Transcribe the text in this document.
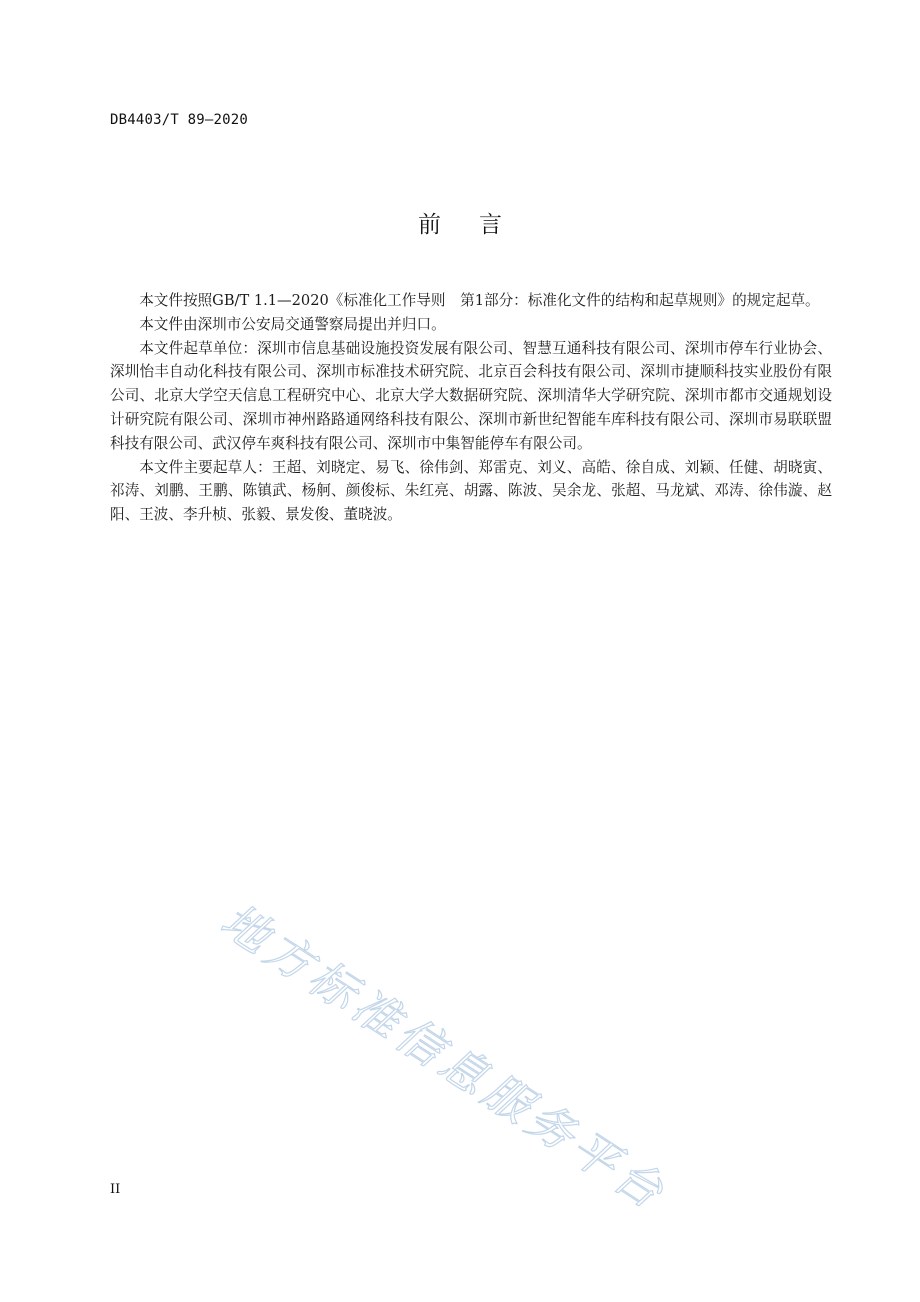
DB4403/T 89—2020
前言

本文件按照GB/T 1.1—2020《标准化工作导则　第1部分：标准化文件的结构和起草规则》的规定起草。

本文件由深圳市公安局交通警察局提出并归口。

本文件起草单位：深圳市信息基础设施投资发展有限公司、智慧互通科技有限公司、深圳市停车行业协会、深圳怡丰自动化科技有限公司、深圳市标准技术研究院、北京百会科技有限公司、深圳市捷顺科技实业股份有限公司、北京大学空天信息工程研究中心、北京大学大数据研究院、深圳清华大学研究院、深圳市都市交通规划设计研究院有限公司、深圳市神州路路通网络科技有限公、深圳市新世纪智能车库科技有限公司、深圳市易联联盟科技有限公司、武汉停车爽科技有限公司、深圳市中集智能停车有限公司。

本文件主要起草人：王超、刘晓定、易飞、徐伟剑、郑雷克、刘义、高皓、徐自成、刘颖、任健、胡晓寅、祁涛、刘鹏、王鹏、陈镇武、杨舸、颜俊标、朱红亮、胡露、陈波、吴余龙、张超、马龙斌、邓涛、徐伟漩、赵阳、王波、李升桢、张毅、景发俊、董晓波。

地方标准信息服务平台
II
